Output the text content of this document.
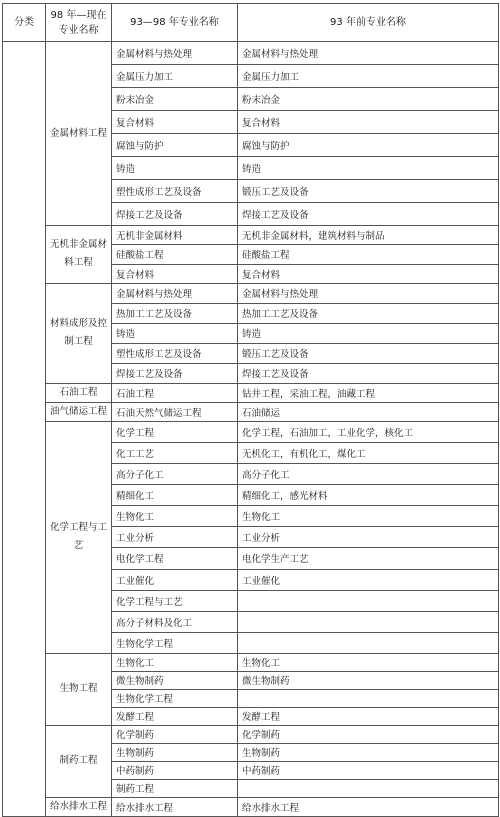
分类	98 年—现在专业名称	93—98 年专业名称	93 年前专业名称
	金属材料工程	金属材料与热处理	金属材料与热处理
		金属压力加工	金属压力加工
		粉末冶金	粉末冶金
		复合材料	复合材料
		腐蚀与防护	腐蚀与防护
		铸造	铸造
		塑性成形工艺及设备	锻压工艺及设备
		焊接工艺及设备	焊接工艺及设备
	无机非金属材料工程	无机非金属材料	无机非金属材料，建筑材料与制品
		硅酸盐工程	硅酸盐工程
		复合材料	复合材料
	材料成形及控制工程	金属材料与热处理	金属材料与热处理
		热加工工艺及设备	热加工工艺及设备
		铸造	铸造
		塑性成形工艺及设备	锻压工艺及设备
		焊接工艺及设备	焊接工艺及设备
	石油工程	石油工程	钻井工程，采油工程，油藏工程
	油气储运工程	石油天然气储运工程	石油储运
	化学工程与工艺	化学工程	化学工程，石油加工，工业化学，核化工
		化工工艺	无机化工，有机化工，煤化工
		高分子化工	高分子化工
		精细化工	精细化工，感光材料
		生物化工	生物化工
		工业分析	工业分析
		电化学工程	电化学生产工艺
		工业催化	工业催化
		化学工程与工艺	
		高分子材料及化工	
		生物化学工程	
	生物工程	生物化工	生物化工
		微生物制药	微生物制药
		生物化学工程	
		发酵工程	发酵工程
	制药工程	化学制药	化学制药
		生物制药	生物制药
		中药制药	中药制药
		制药工程	
	给水排水工程	给水排水工程	给水排水工程
